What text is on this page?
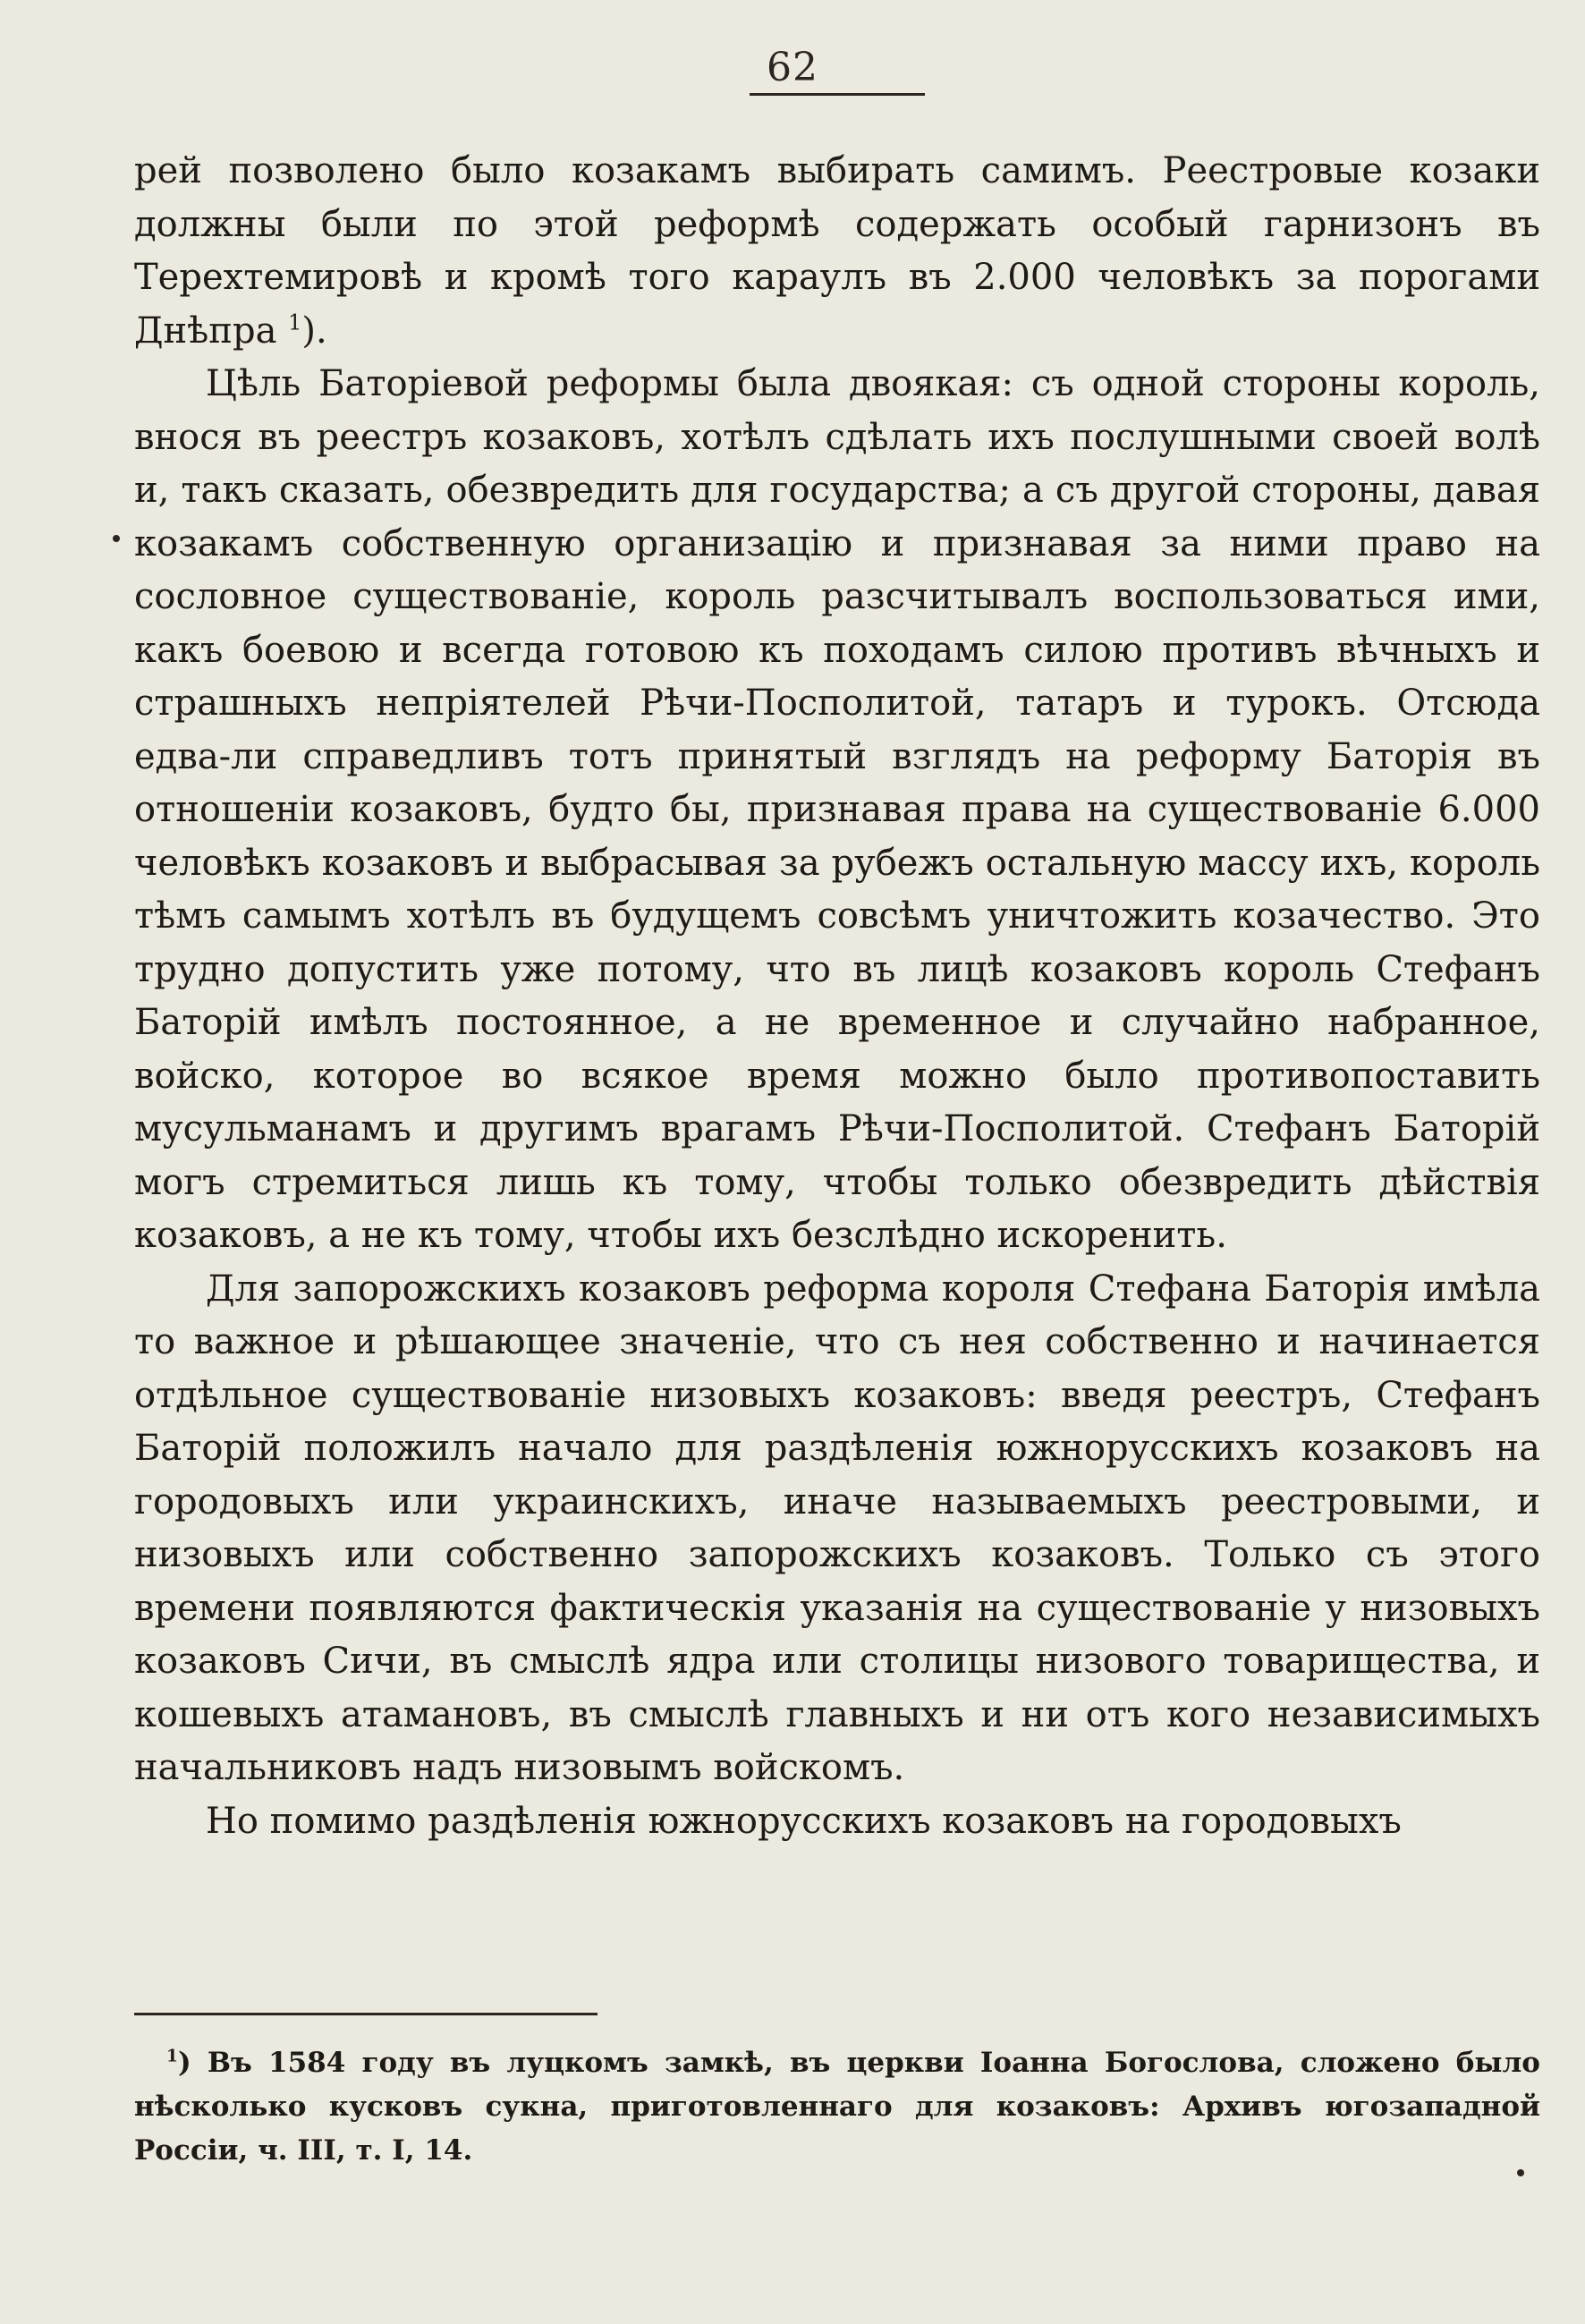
62

рей позволено было козакамъ выбирать самимъ. Реестровые козаки должны были по этой реформѣ содержать особый гарнизонъ въ Терехтемировѣ и кромѣ того караулъ въ 2.000 человѣкъ за порогами Днѣпра $^1$).

Цѣль Баторіевой реформы была двоякая: съ одной стороны король, внося въ реестръ козаковъ, хотѣлъ сдѣлать ихъ послушными своей волѣ и, такъ сказать, обезвредить для государства; а съ другой стороны, давая козакамъ собственную организацію и признавая за ними право на сословное существованіе, король разсчитывалъ воспользоваться ими, какъ боевою и всегда готовою къ походамъ силою противъ вѣчныхъ и страшныхъ непріятелей Рѣчи-Посполитой, татаръ и турокъ. Отсюда едва-ли справедливъ тотъ принятый взглядъ на реформу Баторія въ отношеніи козаковъ, будто бы, признавая права на существованіе 6.000 человѣкъ козаковъ и выбрасывая за рубежъ остальную массу ихъ, король тѣмъ самымъ хотѣлъ въ будущемъ совсѣмъ уничтожить козачество. Это трудно допустить уже потому, что въ лицѣ козаковъ король Стефанъ Баторій имѣлъ постоянное, а не временное и случайно набранное, войско, которое во всякое время можно было противопоставить мусульманамъ и другимъ врагамъ Рѣчи-Посполитой. Стефанъ Баторій могъ стремиться лишь къ тому, чтобы только обезвредить дѣйствія козаковъ, а не къ тому, чтобы ихъ безслѣдно искоренить.

Для запорожскихъ козаковъ реформа короля Стефана Баторія имѣла то важное и рѣшающее значеніе, что съ нея собственно и начинается отдѣльное существованіе низовыхъ козаковъ: введя реестръ, Стефанъ Баторій положилъ начало для раздѣленія южнорусскихъ козаковъ на городовыхъ или украинскихъ, иначе называемыхъ реестровыми, и низовыхъ или собственно запорожскихъ козаковъ. Только съ этого времени появляются фактическія указанія на существованіе у низовыхъ козаковъ Сичи, въ смыслѣ ядра или столицы низового товарищества, и кошевыхъ атамановъ, въ смыслѣ главныхъ и ни отъ кого независимыхъ начальниковъ надъ низовымъ войскомъ.

Но помимо раздѣленія южнорусскихъ козаковъ на городовыхъ

$^1$) Въ 1584 году въ луцкомъ замкѣ, въ церкви Іоанна Богослова, сложено было нѣсколько кусковъ сукна, приготовленнаго для козаковъ: Архивъ югозападной Россіи, ч. III, т. I, 14.
